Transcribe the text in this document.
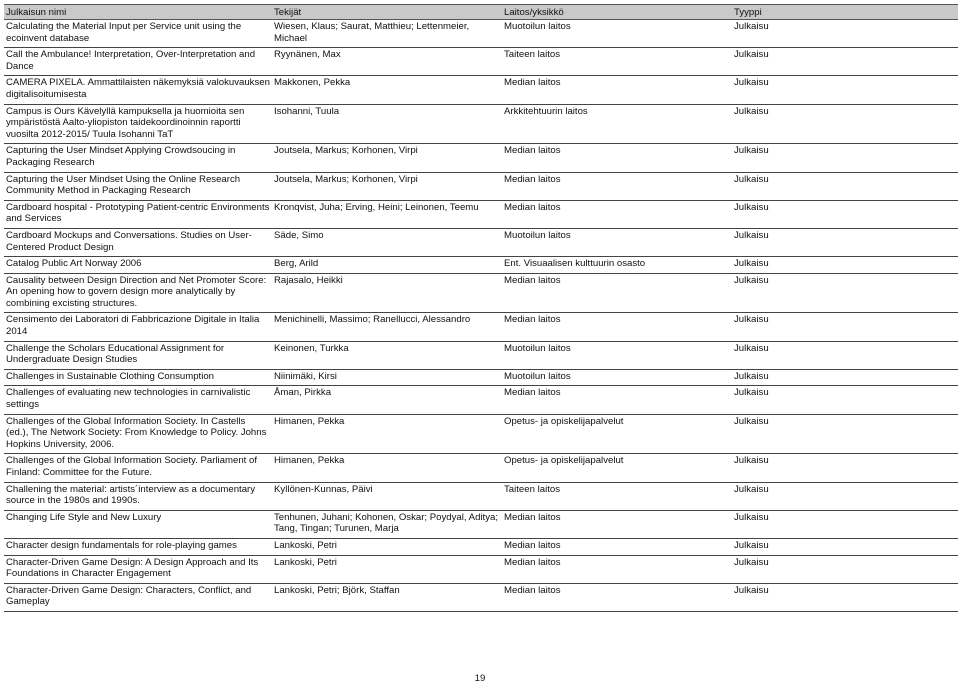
Julkaisun nimi	Tekijät	Laitos/yksikkö	Tyyppi
Calculating the Material Input per Service unit using the ecoinvent database	Wiesen, Klaus; Saurat, Matthieu; Lettenmeier, Michael	Muotoilun laitos	Julkaisu
Call the Ambulance! Interpretation, Over-Interpretation and Dance	Ryynänen, Max	Taiteen laitos	Julkaisu
CAMERA PIXELA. Ammattilaisten näkemyksiä valokuvauksen digitalisoitumisesta	Makkonen, Pekka	Median laitos	Julkaisu
Campus is Ours Kävelyllä kampuksella ja huomioita sen ympäristöstä Aalto-yliopiston taidekoordinoinnin raportti vuosilta 2012-2015/ Tuula Isohanni TaT	Isohanni, Tuula	Arkkitehtuurin laitos	Julkaisu
Capturing the User Mindset Applying Crowdsoucing in Packaging Research	Joutsela, Markus; Korhonen, Virpi	Median laitos	Julkaisu
Capturing the User Mindset Using the Online Research Community Method in Packaging Research	Joutsela, Markus; Korhonen, Virpi	Median laitos	Julkaisu
Cardboard hospital - Prototyping Patient-centric Environments and Services	Kronqvist, Juha; Erving, Heini; Leinonen, Teemu	Median laitos	Julkaisu
Cardboard Mockups and Conversations. Studies on User-Centered Product Design	Säde, Simo	Muotoilun laitos	Julkaisu
Catalog Public Art Norway 2006	Berg, Arild	Ent. Visuaalisen kulttuurin osasto	Julkaisu
Causality between Design Direction and Net Promoter Score: An opening how to govern design more analytically by combining excisting structures.	Rajasalo, Heikki	Median laitos	Julkaisu
Censimento dei Laboratori di Fabbricazione Digitale in Italia 2014	Menichinelli, Massimo; Ranellucci, Alessandro	Median laitos	Julkaisu
Challenge the Scholars Educational Assignment for Undergraduate Design Studies	Keinonen, Turkka	Muotoilun laitos	Julkaisu
Challenges in Sustainable Clothing Consumption	Niinimäki, Kirsi	Muotoilun laitos	Julkaisu
Challenges of evaluating new technologies in carnivalistic settings	Åman, Pirkka	Median laitos	Julkaisu
Challenges of the Global Information Society. In Castells (ed.), The Network Society: From Knowledge to Policy. Johns Hopkins University, 2006.	Himanen, Pekka	Opetus- ja opiskelijapalvelut	Julkaisu
Challenges of the Global Information Society. Parliament of Finland: Committee for the Future.	Himanen, Pekka	Opetus- ja opiskelijapalvelut	Julkaisu
Challening the material: artists´interview as a documentary source in the 1980s and 1990s.	Kyllönen-Kunnas, Päivi	Taiteen laitos	Julkaisu
Changing Life Style and New Luxury	Tenhunen, Juhani; Kohonen, Oskar; Poydyal, Aditya; Tang, Tingan; Turunen, Marja	Median laitos	Julkaisu
Character design fundamentals for role-playing games	Lankoski, Petri	Median laitos	Julkaisu
Character-Driven Game Design: A Design Approach and Its Foundations in Character Engagement	Lankoski, Petri	Median laitos	Julkaisu
Character-Driven Game Design: Characters, Conflict, and Gameplay	Lankoski, Petri; Björk, Staffan	Median laitos	Julkaisu
19
